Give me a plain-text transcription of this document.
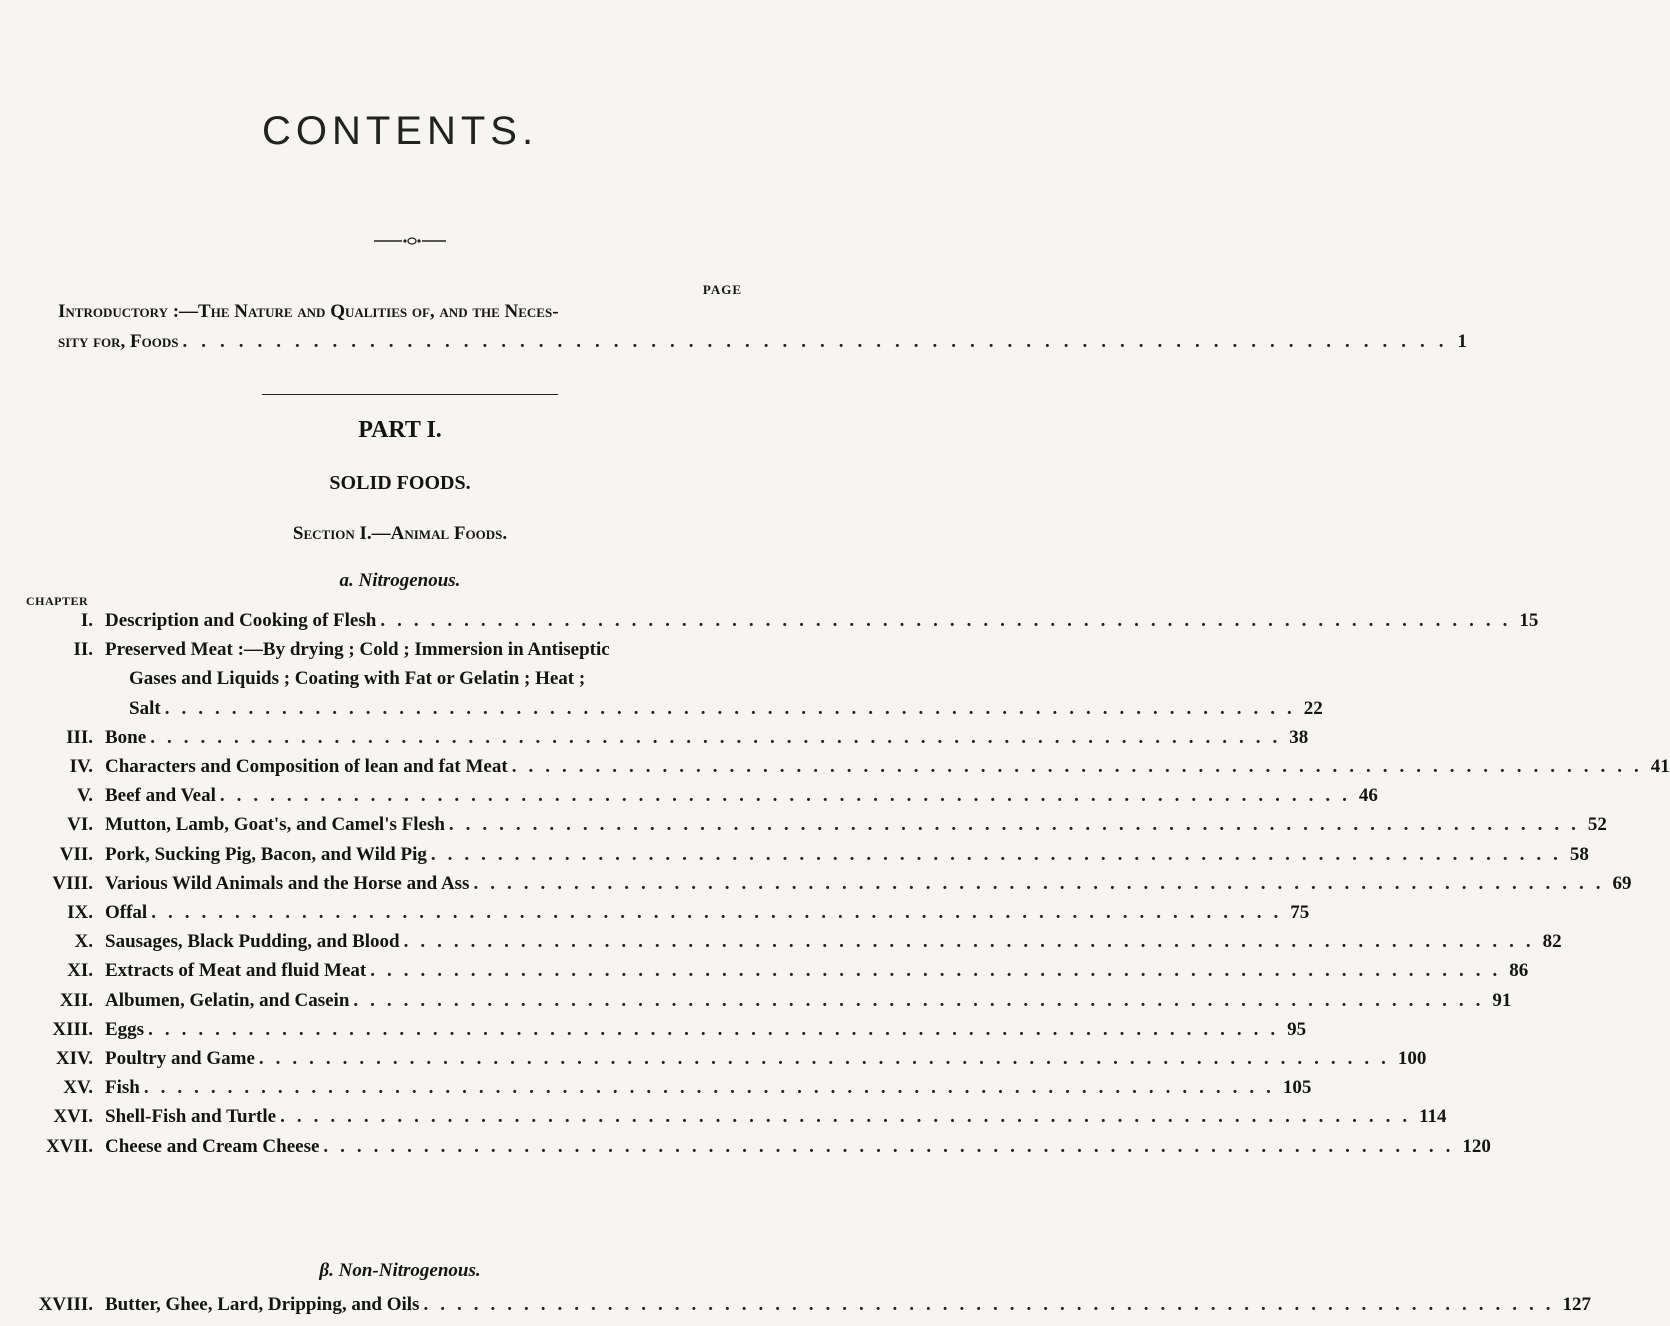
CONTENTS.
PAGE
Introductory :—The Nature and Qualities of, and the Neces-
sity for, Foods .................................................................... 1
PART I.
SOLID FOODS.
Section I.—Animal Foods.
a. Nitrogenous.
CHAPTER
I. Description and Cooking of Flesh .................................................................... 15
II. Preserved Meat :—By drying ; Cold ; Immersion in Antiseptic
Gases and Liquids ; Coating with Fat or Gelatin ; Heat ;
Salt .................................................................... 22
III. Bone .................................................................... 38
IV. Characters and Composition of lean and fat Meat .................................................................... 41
V. Beef and Veal .................................................................... 46
VI. Mutton, Lamb, Goat's, and Camel's Flesh .................................................................... 52
VII. Pork, Sucking Pig, Bacon, and Wild Pig .................................................................... 58
VIII. Various Wild Animals and the Horse and Ass .................................................................... 69
IX. Offal .................................................................... 75
X. Sausages, Black Pudding, and Blood .................................................................... 82
XI. Extracts of Meat and fluid Meat .................................................................... 86
XII. Albumen, Gelatin, and Casein .................................................................... 91
XIII. Eggs .................................................................... 95
XIV. Poultry and Game .................................................................... 100
XV. Fish .................................................................... 105
XVI. Shell-Fish and Turtle .................................................................... 114
XVII. Cheese and Cream Cheese .................................................................... 120
β. Non-Nitrogenous.
XVIII. Butter, Ghee, Lard, Dripping, and Oils .................................................................... 127
